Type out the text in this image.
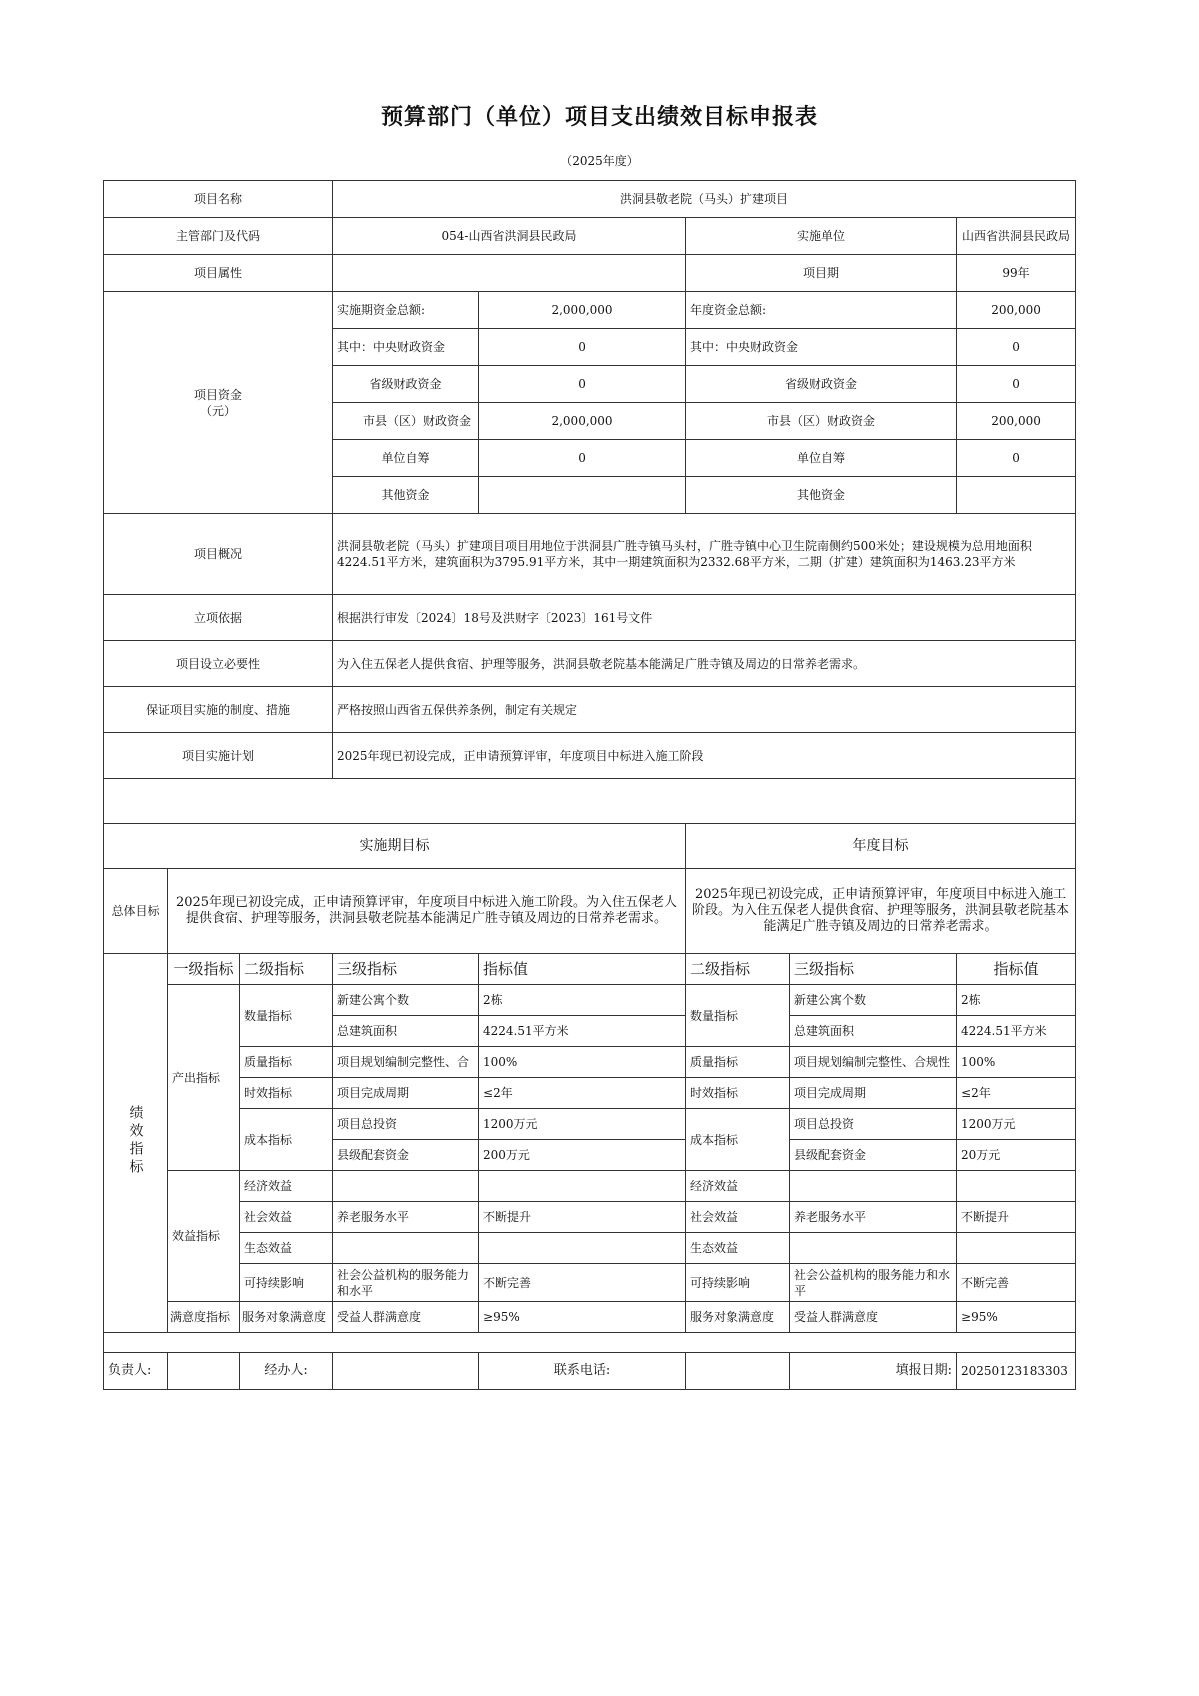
预算部门（单位）项目支出绩效目标申报表
（2025年度）
项目名称			洪洞县敬老院（马头）扩建项目				
主管部门及代码			054-山西省洪洞县民政局		实施单位		山西省洪洞县民政局
项目属性					项目期		99年

项目资金
（元）			实施期资金总额:	2,000,000	年度资金总额:		200,000
			其中：中央财政资金	0	其中：中央财政资金		0
			省级财政资金	0	省级财政资金		0
			市县（区）财政资金	2,000,000	市县（区）财政资金		200,000
			单位自筹	0	单位自筹		0
			其他资金		其他资金		
项目概况			洪洞县敬老院（马头）扩建项目项目用地位于洪洞县广胜寺镇马头村，广胜寺镇中心卫生院南侧约500米处；建设规模为总用地面积4224.51平方米，建筑面积为3795.91平方米，其中一期建筑面积为2332.68平方米，二期（扩建）建筑面积为1463.23平方米				
立项依据			根据洪行审发〔2024〕18号及洪财字〔2023〕161号文件				
项目设立必要性			为入住五保老人提供食宿、护理等服务，洪洞县敬老院基本能满足广胜寺镇及周边的日常养老需求。				
保证项目实施的制度、措施			严格按照山西省五保供养条例，制定有关规定				
项目实施计划			2025年现已初设完成，正申请预算评审，年度项目中标进入施工阶段				

实施期目标					年度目标		
总体目标	2025年现已初设完成，正申请预算评审，年度项目中标进入施工阶段。为入住五保老人提供食宿、护理等服务，洪洞县敬老院基本能满足广胜寺镇及周边的日常养老需求。				2025年现已初设完成，正申请预算评审，年度项目中标进入施工阶段。为入住五保老人提供食宿、护理等服务，洪洞县敬老院基本能满足广胜寺镇及周边的日常养老需求。		
绩效指标	一级指标	二级指标	三级指标	指标值	二级指标	三级指标	指标值
	产出指标	数量指标	新建公寓个数	2栋	数量指标	新建公寓个数	2栋
			总建筑面积	4224.51平方米		总建筑面积	4224.51平方米
		质量指标	项目规划编制完整性、合	100%	质量指标	项目规划编制完整性、合规性	100%
		时效指标	项目完成周期	≤2年	时效指标	项目完成周期	≤2年
		成本指标	项目总投资	1200万元	成本指标	项目总投资	1200万元
			县级配套资金	200万元		县级配套资金	20万元
	效益指标	经济效益			经济效益		
		社会效益	养老服务水平	不断提升	社会效益	养老服务水平	不断提升
		生态效益			生态效益		
		可持续影响	社会公益机构的服务能力和水平	不断完善	可持续影响	社会公益机构的服务能力和水平	不断完善
	满意度指标	服务对象满意度	受益人群满意度	≥95%	服务对象满意度	受益人群满意度	≥95%

负责人:		经办人:		联系电话:		填报日期:	20250123183303
